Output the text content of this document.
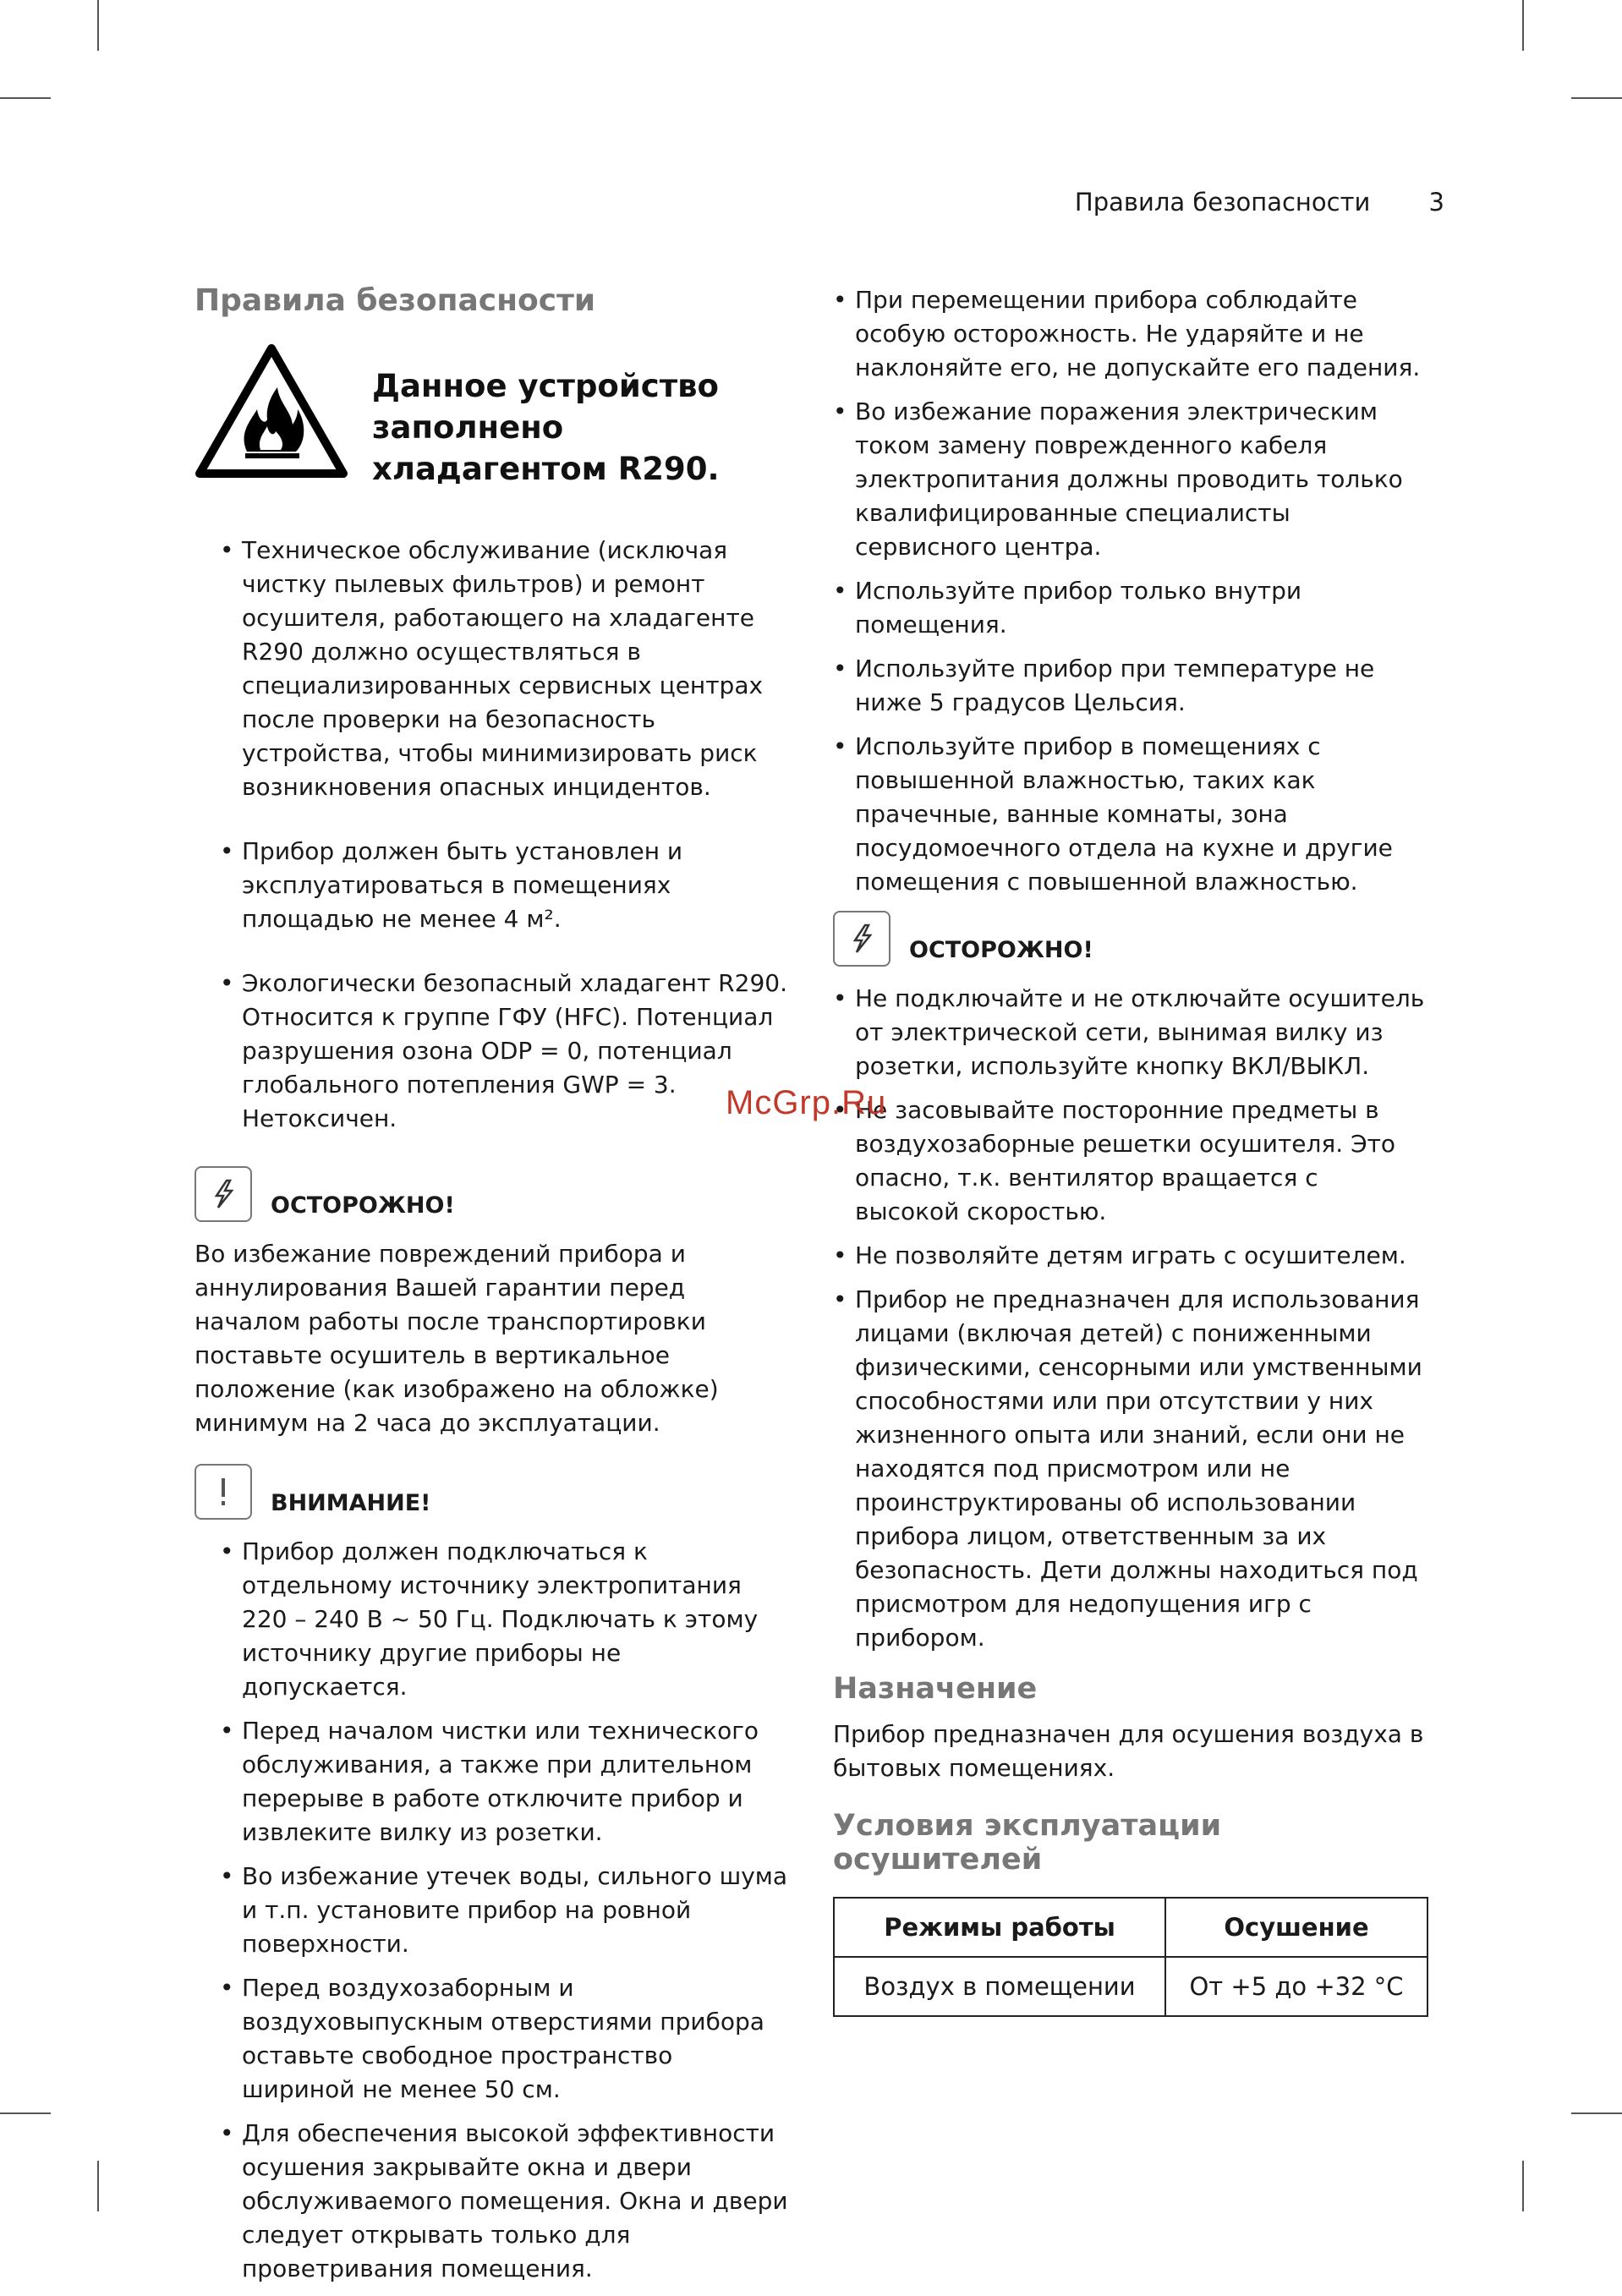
Правила безопасности 3
Правила безопасности
Данное устройство заполнено хладагентом R290.
• Техническое обслуживание (исключая чистку пылевых фильтров) и ремонт осушителя, работающего на хладагенте R290 должно осуществляться в специализированных сервисных центрах после проверки на безопасность устройства, чтобы минимизировать риск возникновения опасных инцидентов.
• Прибор должен быть установлен и эксплуатироваться в помещениях площадью не менее 4 м².
• Экологически безопасный хладагент R290. Относится к группе ГФУ (HFC). Потенциал разрушения озона ODP = 0, потенциал глобального потепления GWP = 3. Нетоксичен.
ОСТОРОЖНО!

Во избежание повреждений прибора и аннулирования Вашей гарантии перед началом работы после транспортировки поставьте осушитель в вертикальное положение (как изображено на обложке) минимум на 2 часа до эксплуатации.

ВНИМАНИЕ!
• Прибор должен подключаться к отдельному источнику электропитания 220 – 240 В ~ 50 Гц. Подключать к этому источнику другие приборы не допускается.
• Перед началом чистки или технического обслуживания, а также при длительном перерыве в работе отключите прибор и извлеките вилку из розетки.
• Во избежание утечек воды, сильного шума и т.п. установите прибор на ровной поверхности.
• Перед воздухозаборным и воздуховыпускным отверстиями прибора оставьте свободное пространство шириной не менее 50 см.
• Для обеспечения высокой эффективности осушения закрывайте окна и двери обслуживаемого помещения. Окна и двери следует открывать только для проветривания помещения.
• При перемещении прибора соблюдайте особую осторожность. Не ударяйте и не наклоняйте его, не допускайте его падения.
• Во избежание поражения электрическим током замену поврежденного кабеля электропитания должны проводить только квалифицированные специалисты сервисного центра.
• Используйте прибор только внутри помещения.
• Используйте прибор при температуре не ниже 5 градусов Цельсия.
• Используйте прибор в помещениях с повышенной влажностью, таких как прачечные, ванные комнаты, зона посудомоечного отдела на кухне и другие помещения с повышенной влажностью.
ОСТОРОЖНО!
• Не подключайте и не отключайте осушитель от электрической сети, вынимая вилку из розетки, используйте кнопку ВКЛ/ВЫКЛ.
• Не засовывайте посторонние предметы в воздухозаборные решетки осушителя. Это опасно, т.к. вентилятор вращается с высокой скоростью.
• Не позволяйте детям играть с осушителем.
• Прибор не предназначен для использования лицами (включая детей) с пониженными физическими, сенсорными или умственными способностями или при отсутствии у них жизненного опыта или знаний, если они не находятся под присмотром или не проинструктированы об использовании прибора лицом, ответственным за их безопасность. Дети должны находиться под присмотром для недопущения игр с прибором.
Назначение

Прибор предназначен для осушения воздуха в бытовых помещениях.

Условия эксплуатации осушителей
Режимы работы	Осушение
Воздух в помещении	От +5 до +32 °С
McGrp.Ru
